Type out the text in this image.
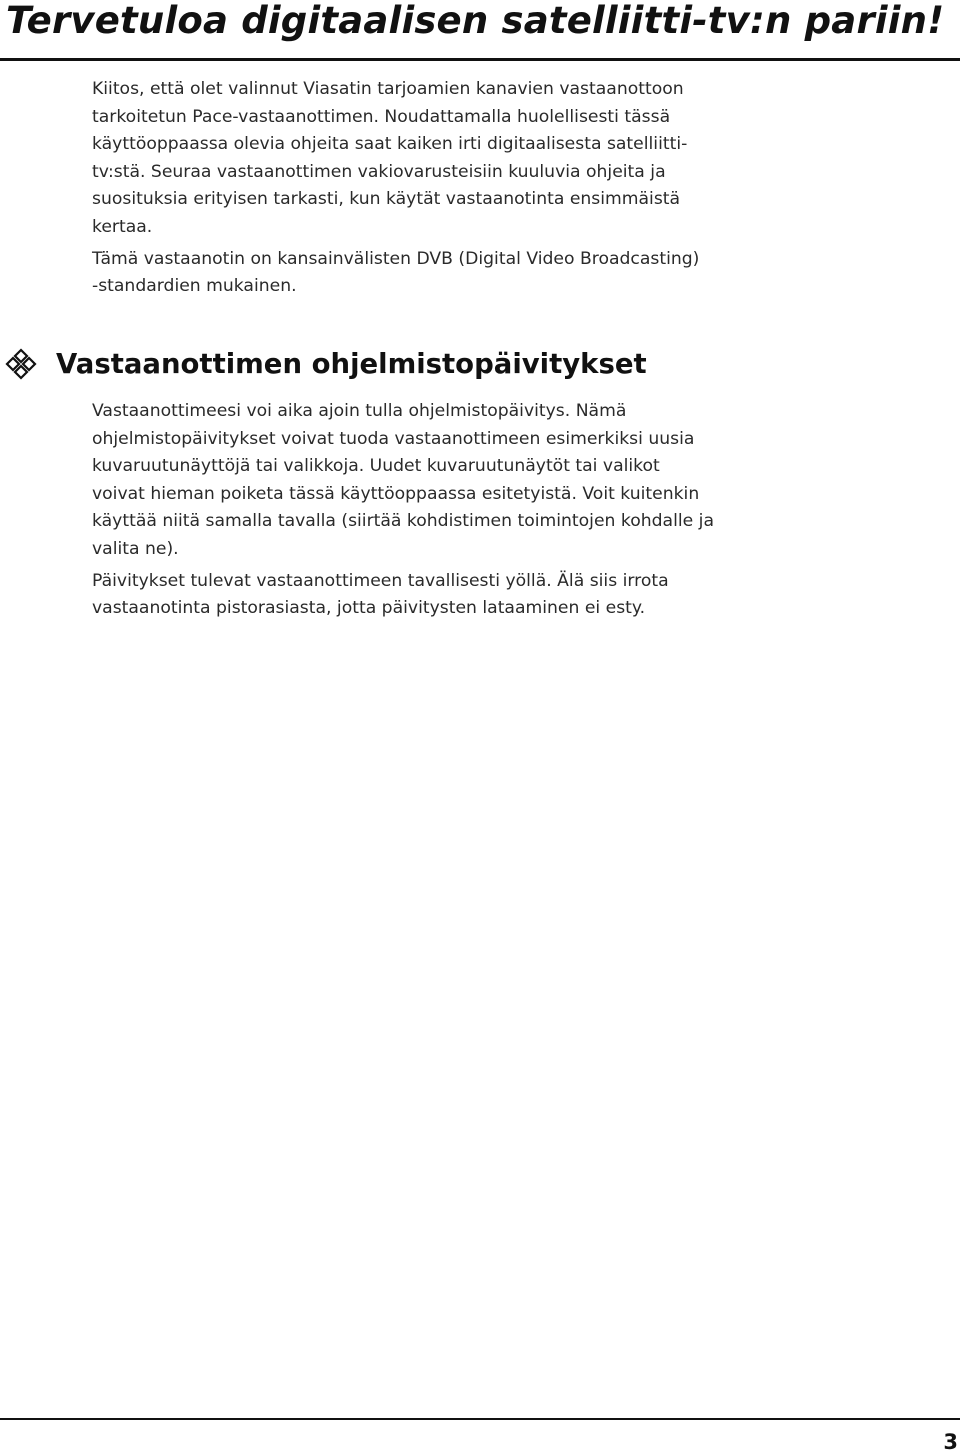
Tervetuloa digitaalisen satelliitti-tv:n pariin!

Kiitos, että olet valinnut Viasatin tarjoamien kanavien vastaanottoon

tarkoitetun Pace-vastaanottimen. Noudattamalla huolellisesti tässä

käyttöoppaassa olevia ohjeita saat kaiken irti digitaalisesta satelliitti-

tv:stä. Seuraa vastaanottimen vakiovarusteisiin kuuluvia ohjeita ja

suosituksia erityisen tarkasti, kun käytät vastaanotinta ensimmäistä

kertaa.

Tämä vastaanotin on kansainvälisten DVB (Digital Video Broadcasting)

-standardien mukainen.

Vastaanottimen ohjelmistopäivitykset

Vastaanottimeesi voi aika ajoin tulla ohjelmistopäivitys. Nämä

ohjelmistopäivitykset voivat tuoda vastaanottimeen esimerkiksi uusia

kuvaruutunäyttöjä tai valikkoja. Uudet kuvaruutunäytöt tai valikot

voivat hieman poiketa tässä käyttöoppaassa esitetyistä. Voit kuitenkin

käyttää niitä samalla tavalla (siirtää kohdistimen toimintojen kohdalle ja

valita ne).

Päivitykset tulevat vastaanottimeen tavallisesti yöllä. Älä siis irrota

vastaanotinta pistorasiasta, jotta päivitysten lataaminen ei esty.

3
